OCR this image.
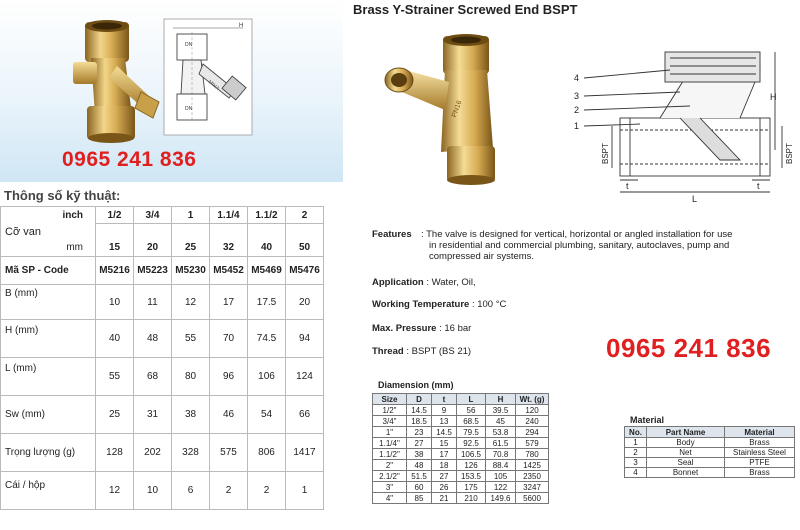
H
DN
DN
MIHA
0965 241 836
Thông số kỹ thuật:
inch	1/2	3/4	1	1.1/4	1.1/2	2
Cỡ van						
mm	15	20	25	32	40	50
Mã SP - Code	M5216	M5223	M5230	M5452	M5469	M5476
B (mm)	10	11	12	17	17.5	20
H (mm)	40	48	55	70	74.5	94
L (mm)	55	68	80	96	106	124
Sw (mm)	25	31	38	46	54	66
Trọng lượng (g)	128	202	328	575	806	1417
Cái / hộp	12	10	6	2	2	1
Brass Y-Strainer Screwed End BSPT
PN16
4
3
2
1
H
L
t	t
BSPT	BSPT
Features : The valve is designed for vertical, horizontal or angled installation for use
in residential and commercial plumbing, sanitary, autoclaves, pump and
compressed air systems.
Application : Water, Oil,
Working Temperature : 100 °C
Max. Pressure : 16 bar
Thread : BSPT (BS 21)	0965 241 836
Diamension (mm)
Size	D	t	L	H	Wt. (g)
1/2"	14.5	9	56	39.5	120
3/4"	18.5	13	68.5	45	240
1"	23	14.5	79.5	53.8	294
1.1/4"	27	15	92.5	61.5	579
1.1/2"	38	17	106.5	70.8	780
2"	48	18	126	88.4	1425
2.1/2"	51.5	27	153.5	105	2350
3"	60	26	175	122	3247
4"	85	21	210	149.6	5600
Material
No.	Part Name	Material
1	Body	Brass
2	Net	Stainless Steel
3	Seal	PTFE
4	Bonnet	Brass
